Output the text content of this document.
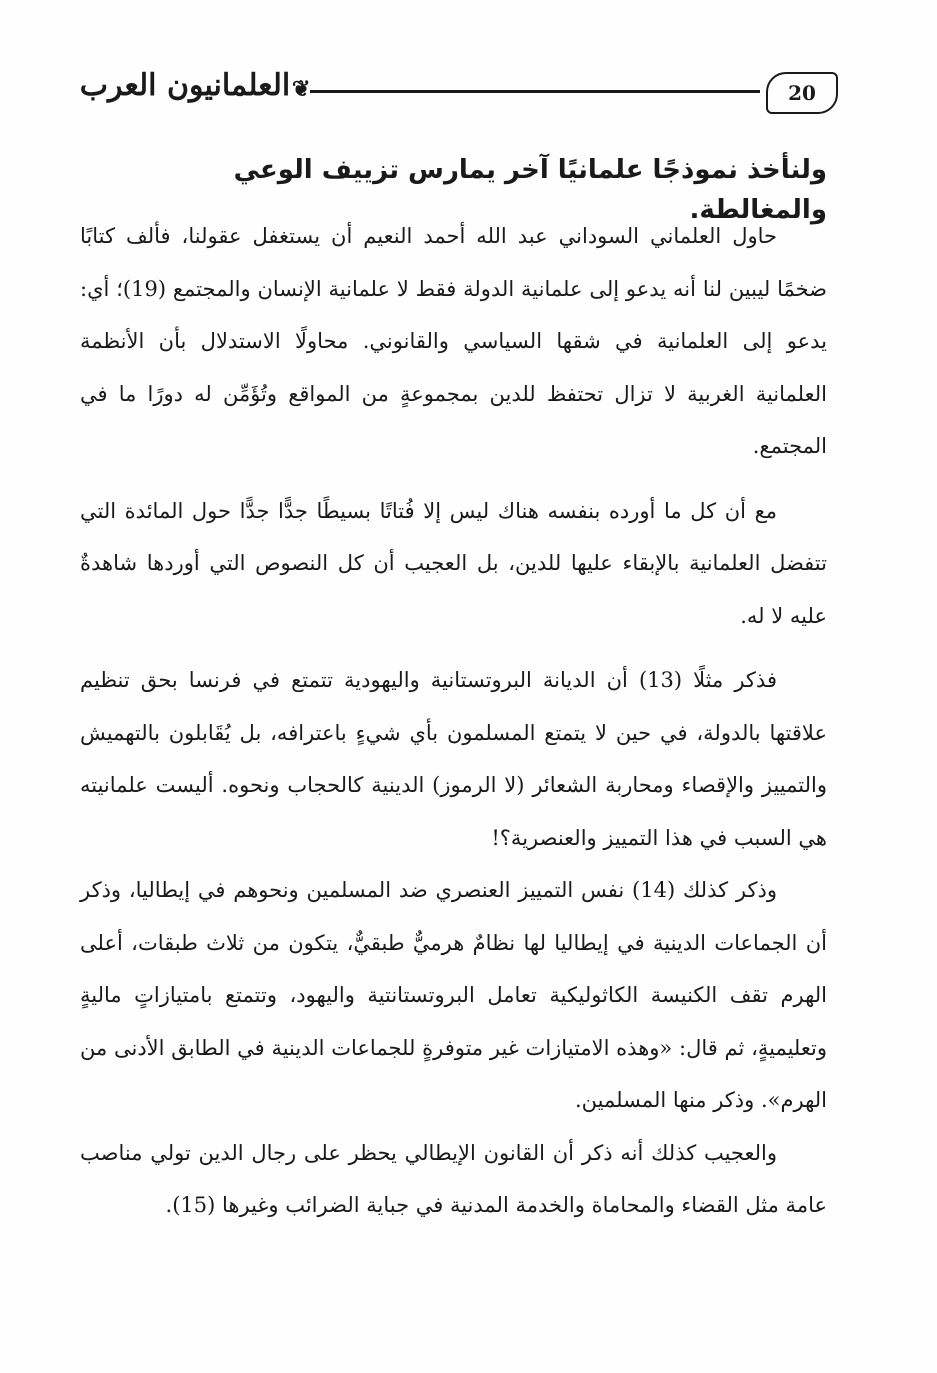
العلمانيون العرب ❦	20
ولنأخذ نموذجًا علمانيًا آخر يمارس تزييف الوعي والمغالطة.

حاول العلماني السوداني عبد الله أحمد النعيم أن يستغفل عقولنا، فألف كتابًا ضخمًا ليبين لنا أنه يدعو إلى علمانية الدولة فقط لا علمانية الإنسان والمجتمع (19)؛ أي: يدعو إلى العلمانية في شقها السياسي والقانوني. محاولًا الاستدلال بأن الأنظمة العلمانية الغربية لا تزال تحتفظ للدين بمجموعةٍ من المواقع وتُؤَمِّن له دورًا ما في المجتمع.

مع أن كل ما أورده بنفسه هناك ليس إلا فُتاتًا بسيطًا جدًّا جدًّا حول المائدة التي تتفضل العلمانية بالإبقاء عليها للدين، بل العجيب أن كل النصوص التي أوردها شاهدةٌ عليه لا له.

فذكر مثلًا (13) أن الديانة البروتستانية واليهودية تتمتع في فرنسا بحق تنظيم علاقتها بالدولة، في حين لا يتمتع المسلمون بأي شيءٍ باعترافه، بل يُقَابلون بالتهميش والتمييز والإقصاء ومحاربة الشعائر (لا الرموز) الدينية كالحجاب ونحوه. أليست علمانيته هي السبب في هذا التمييز والعنصرية؟!

وذكر كذلك (14) نفس التمييز العنصري ضد المسلمين ونحوهم في إيطاليا، وذكر أن الجماعات الدينية في إيطاليا لها نظامٌ هرميٌّ طبقيٌّ، يتكون من ثلاث طبقات، أعلى الهرم تقف الكنيسة الكاثوليكية تعامل البروتستانتية واليهود، وتتمتع بامتيازاتٍ ماليةٍ وتعليميةٍ، ثم قال: «وهذه الامتيازات غير متوفرةٍ للجماعات الدينية في الطابق الأدنى من الهرم». وذكر منها المسلمين.

والعجيب كذلك أنه ذكر أن القانون الإيطالي يحظر على رجال الدين تولي مناصب عامة مثل القضاء والمحاماة والخدمة المدنية في جباية الضرائب وغيرها (15).
